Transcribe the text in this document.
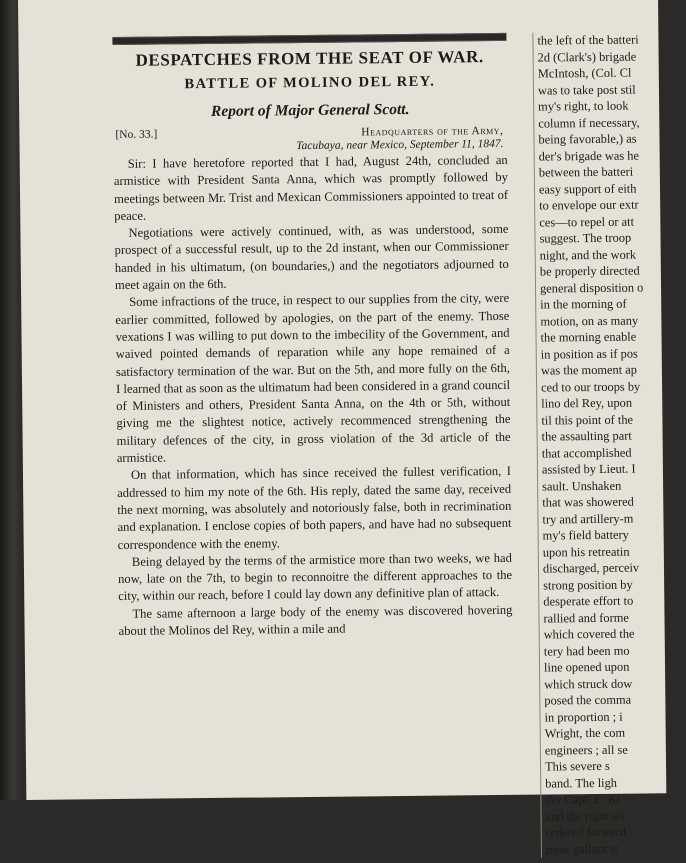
DESPATCHES FROM THE SEAT OF WAR.
BATTLE OF MOLINO DEL REY.
Report of Major General Scott.
[No. 33.]	Headquarters of the Army,
Tacubaya, near Mexico, September 11, 1847.

Sir: I have heretofore reported that I had, August 24th, concluded an armistice with President Santa Anna, which was promptly followed by meetings between Mr. Trist and Mexican Commissioners appointed to treat of peace.

Negotiations were actively continued, with, as was understood, some prospect of a successful result, up to the 2d instant, when our Commissioner handed in his ultimatum, (on boundaries,) and the negotiators adjourned to meet again on the 6th.

Some infractions of the truce, in respect to our supplies from the city, were earlier committed, followed by apologies, on the part of the enemy. Those vexations I was willing to put down to the imbecility of the Government, and waived pointed demands of reparation while any hope remained of a satisfactory termination of the war. But on the 5th, and more fully on the 6th, I learned that as soon as the ultimatum had been considered in a grand council of Ministers and others, President Santa Anna, on the 4th or 5th, without giving me the slightest notice, actively recommenced strengthening the military defences of the city, in gross violation of the 3d article of the armistice.

On that information, which has since received the fullest verification, I addressed to him my note of the 6th. His reply, dated the same day, received the next morning, was absolutely and notoriously false, both in recrimination and explanation. I enclose copies of both papers, and have had no subsequent correspondence with the enemy.

Being delayed by the terms of the armistice more than two weeks, we had now, late on the 7th, to begin to reconnoitre the different approaches to the city, within our reach, before I could lay down any definitive plan of attack.

The same afternoon a large body of the enemy was discovered hovering about the Molinos del Rey, within a mile and

the left of the batteri
2d (Clark's) brigade
McIntosh, (Col. Cl
was to take post stil
my's right, to look
column if necessary,
being favorable,) as
der's brigade was he
between the batteri
easy support of eith
to envelope our extr
ces—to repel or att
suggest. The troop
night, and the work
be properly directed
general disposition o
in the morning of
motion, on as many
the morning enable
in position as if pos
was the moment ap
ced to our troops by
lino del Rey, upon
til this point of the
the assaulting part
that accomplished
assisted by Lieut. I
sault. Unshaken
that was showered
try and artillery-m
my's field battery
upon his retreatin
discharged, perceiv
strong position by
desperate effort to
rallied and forme
which covered the
tery had been mo
line opened upon
which struck dow
posed the comma
in proportion ; i
Wright, the com
engineers ; all se
This severe s
band. The ligh
der Capt. E. Ki
and the right wi
ordered forward
most gallant st
